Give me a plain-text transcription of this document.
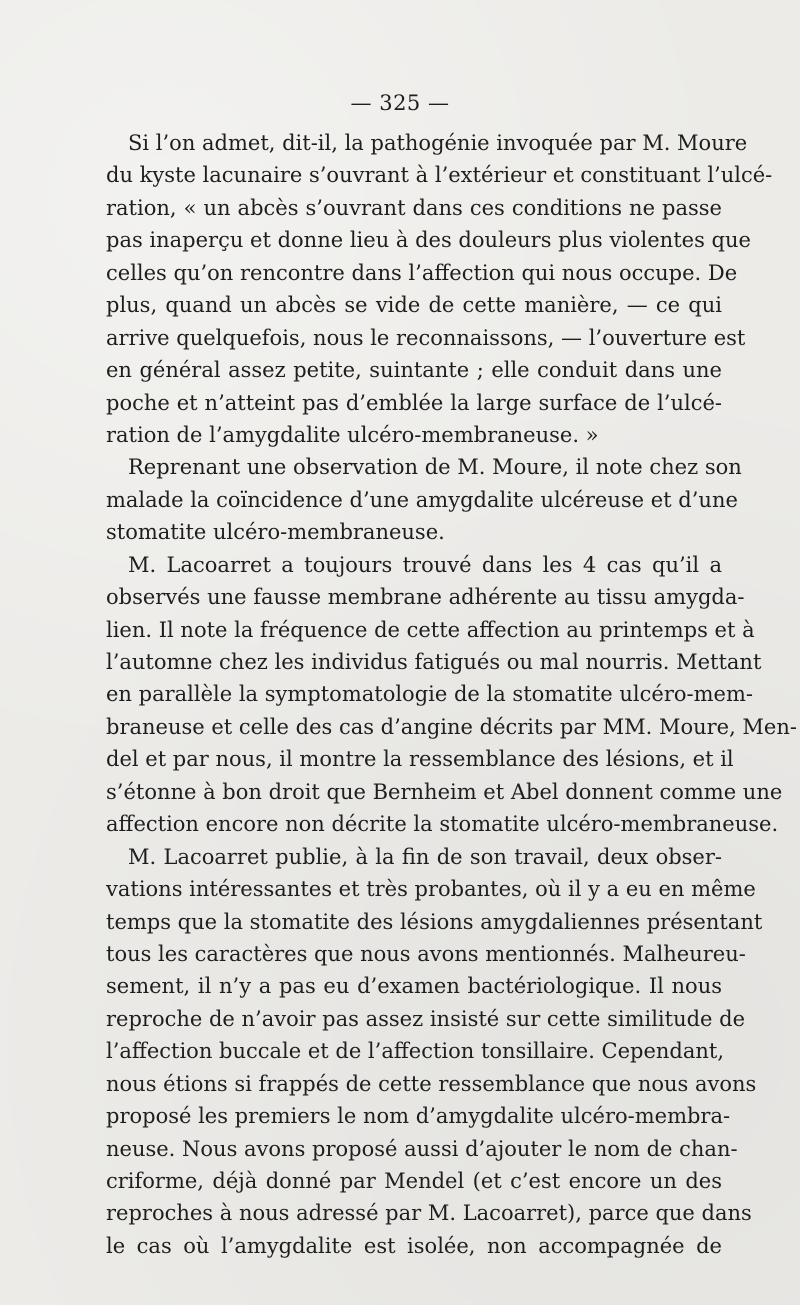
— 325 —
Si l’on admet, dit-il, la pathogénie invoquée par M. Moure
du kyste lacunaire s’ouvrant à l’extérieur et constituant l’ulcé-
ration, « un abcès s’ouvrant dans ces conditions ne passe
pas inaperçu et donne lieu à des douleurs plus violentes que
celles qu’on rencontre dans l’affection qui nous occupe. De
plus, quand un abcès se vide de cette manière, — ce qui
arrive quelquefois, nous le reconnaissons, — l’ouverture est
en général assez petite, suintante ; elle conduit dans une
poche et n’atteint pas d’emblée la large surface de l’ulcé-
ration de l’amygdalite ulcéro-membraneuse. »
Reprenant une observation de M. Moure, il note chez son
malade la coïncidence d’une amygdalite ulcéreuse et d’une
stomatite ulcéro-membraneuse.
M. Lacoarret a toujours trouvé dans les 4 cas qu’il a
observés une fausse membrane adhérente au tissu amygda-
lien. Il note la fréquence de cette affection au printemps et à
l’automne chez les individus fatigués ou mal nourris. Mettant
en parallèle la symptomatologie de la stomatite ulcéro-mem-
braneuse et celle des cas d’angine décrits par MM. Moure, Men-
del et par nous, il montre la ressemblance des lésions, et il
s’étonne à bon droit que Bernheim et Abel donnent comme une
affection encore non décrite la stomatite ulcéro-membraneuse.
M. Lacoarret publie, à la fin de son travail, deux obser-
vations intéressantes et très probantes, où il y a eu en même
temps que la stomatite des lésions amygdaliennes présentant
tous les caractères que nous avons mentionnés. Malheureu-
sement, il n’y a pas eu d’examen bactériologique. Il nous
reproche de n’avoir pas assez insisté sur cette similitude de
l’affection buccale et de l’affection tonsillaire. Cependant,
nous étions si frappés de cette ressemblance que nous avons
proposé les premiers le nom d’amygdalite ulcéro-membra-
neuse. Nous avons proposé aussi d’ajouter le nom de chan-
criforme, déjà donné par Mendel (et c’est encore un des
reproches à nous adressé par M. Lacoarret), parce que dans
le cas où l’amygdalite est isolée, non accompagnée de
